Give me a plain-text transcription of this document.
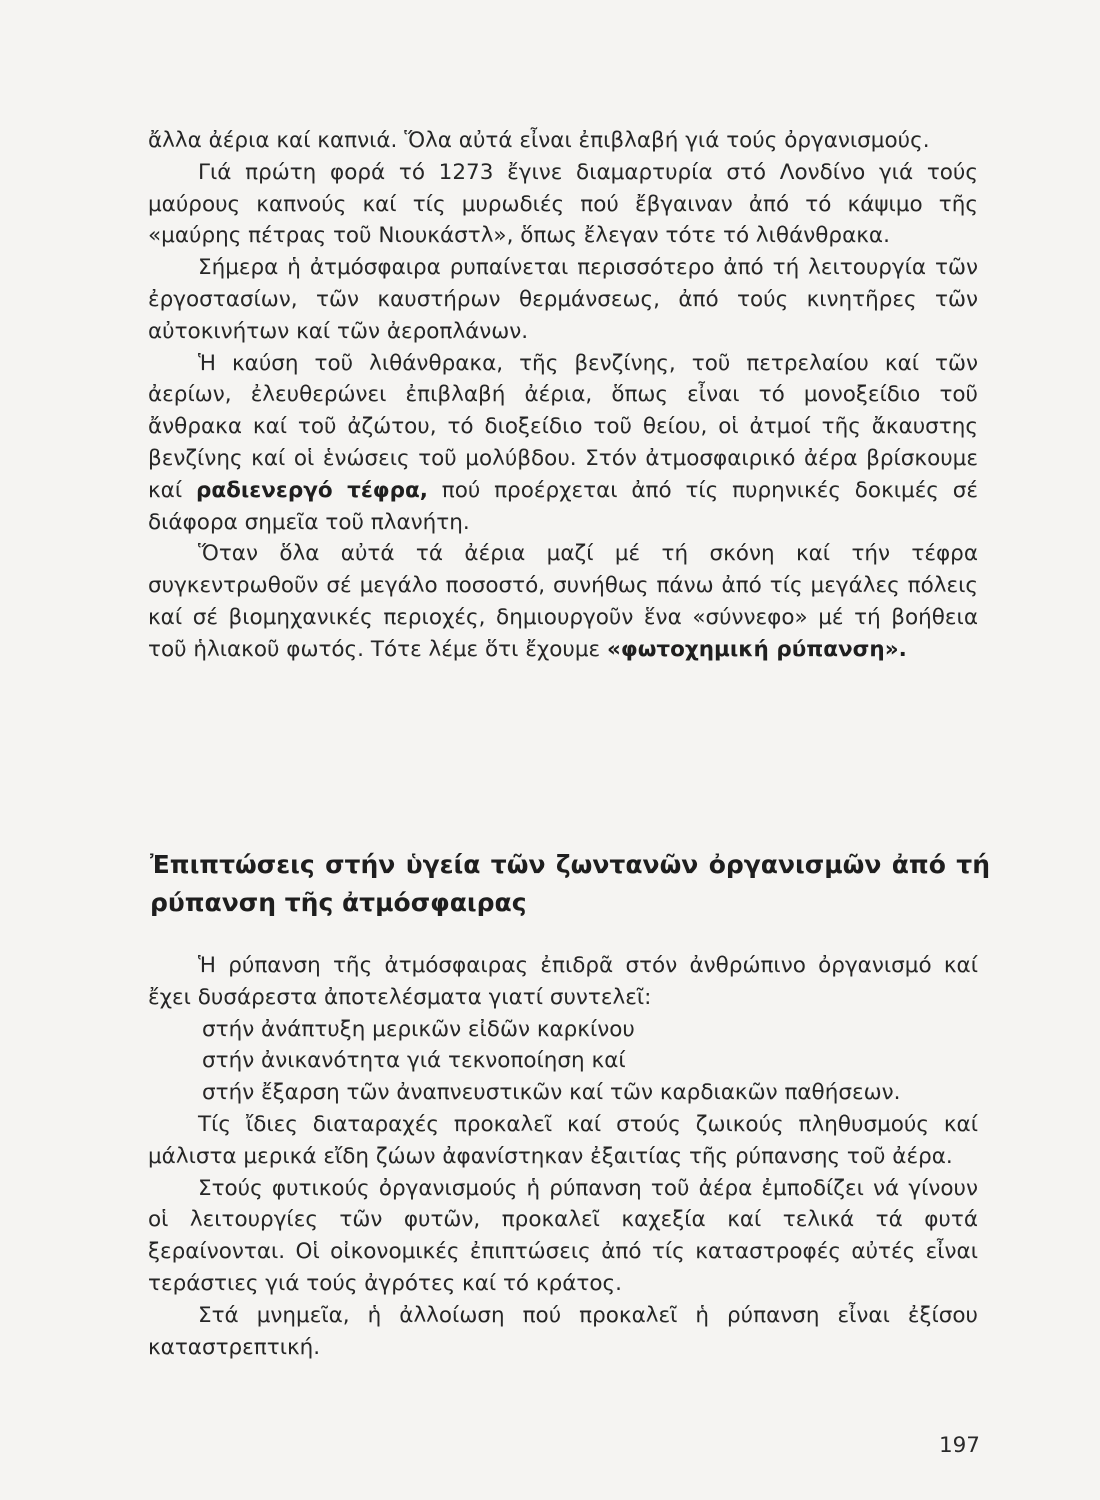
ἄλλα ἀέρια καί καπνιά. Ὅλα αὐτά εἶναι ἐπιβλαβή γιά τούς ὀργανισμούς.

Γιά πρώτη φορά τό 1273 ἔγινε διαμαρτυρία στό Λονδίνο γιά τούς μαύρους καπνούς καί τίς μυρωδιές πού ἔβγαιναν ἀπό τό κάψιμο τῆς «μαύρης πέτρας τοῦ Νιουκάστλ», ὅπως ἔλεγαν τότε τό λιθάνθρακα.

Σήμερα ἡ ἀτμόσφαιρα ρυπαίνεται περισσότερο ἀπό τή λειτουργία τῶν ἐργοστασίων, τῶν καυστήρων θερμάνσεως, ἀπό τούς κινητῆρες τῶν αὐτοκινήτων καί τῶν ἀεροπλάνων.

Ἡ καύση τοῦ λιθάνθρακα, τῆς βενζίνης, τοῦ πετρελαίου καί τῶν ἀερίων, ἐλευθερώνει ἐπιβλαβή ἀέρια, ὅπως εἶναι τό μονοξείδιο τοῦ ἄνθρακα καί τοῦ ἀζώτου, τό διοξείδιο τοῦ θείου, οἱ ἀτμοί τῆς ἄκαυστης βενζίνης καί οἱ ἑνώσεις τοῦ μολύβδου. Στόν ἀτμοσφαιρικό ἀέρα βρίσκουμε καί ραδιενεργό τέφρα, πού προέρχεται ἀπό τίς πυρηνικές δοκιμές σέ διάφορα σημεῖα τοῦ πλανήτη.

Ὅταν ὅλα αὐτά τά ἀέρια μαζί μέ τή σκόνη καί τήν τέφρα συγκεντρωθοῦν σέ μεγάλο ποσοστό, συνήθως πάνω ἀπό τίς μεγάλες πόλεις καί σέ βιομηχανικές περιοχές, δημιουργοῦν ἕνα «σύννεφο» μέ τή βοήθεια τοῦ ἡλιακοῦ φωτός. Τότε λέμε ὅτι ἔχουμε «φωτοχημική ρύπανση».

Ἐπιπτώσεις στήν ὑγεία τῶν ζωντανῶν ὀργανισμῶν ἀπό τή ρύπανση τῆς ἀτμόσφαιρας

Ἡ ρύπανση τῆς ἀτμόσφαιρας ἐπιδρᾶ στόν ἀνθρώπινο ὀργανισμό καί ἔχει δυσάρεστα ἀποτελέσματα γιατί συντελεῖ:

στήν ἀνάπτυξη μερικῶν εἰδῶν καρκίνου

στήν ἀνικανότητα γιά τεκνοποίηση καί

στήν ἔξαρση τῶν ἀναπνευστικῶν καί τῶν καρδιακῶν παθήσεων.

Τίς ἴδιες διαταραχές προκαλεῖ καί στούς ζωικούς πληθυσμούς καί μάλιστα μερικά εἴδη ζώων ἀφανίστηκαν ἐξαιτίας τῆς ρύπανσης τοῦ ἀέρα.

Στούς φυτικούς ὀργανισμούς ἡ ρύπανση τοῦ ἀέρα ἐμποδίζει νά γίνουν οἱ λειτουργίες τῶν φυτῶν, προκαλεῖ καχεξία καί τελικά τά φυτά ξεραίνονται. Οἱ οἰκονομικές ἐπιπτώσεις ἀπό τίς καταστροφές αὐτές εἶναι τεράστιες γιά τούς ἀγρότες καί τό κράτος.

Στά μνημεῖα, ἡ ἀλλοίωση πού προκαλεῖ ἡ ρύπανση εἶναι ἐξίσου καταστρεπτική.

197
